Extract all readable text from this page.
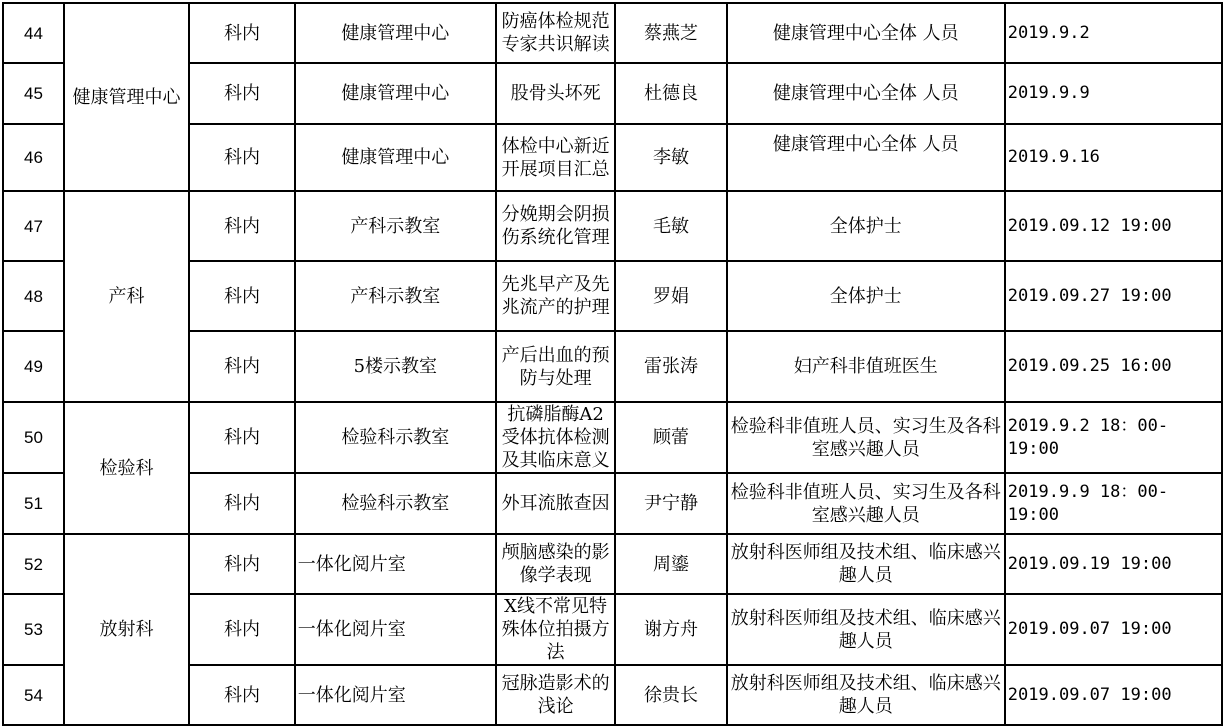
44	健康管理中心	科内	健康管理中心	防癌体检规范专家共识解读	蔡燕芝	健康管理中心全体 人员	2019.9.2
45		科内	健康管理中心	股骨头坏死	杜德良	健康管理中心全体 人员	2019.9.9
46		科内	健康管理中心	体检中心新近开展项目汇总	李敏	健康管理中心全体 人员	2019.9.16
47	产科	科内	产科示教室	分娩期会阴损伤系统化管理	毛敏	全体护士	2019.09.12 19:00
48		科内	产科示教室	先兆早产及先兆流产的护理	罗娟	全体护士	2019.09.27 19:00
49		科内	5楼示教室	产后出血的预防与处理	雷张涛	妇产科非值班医生	2019.09.25 16:00
50	检验科	科内	检验科示教室	抗磷脂酶A2受体抗体检测及其临床意义	顾蕾	检验科非值班人员、实习生及各科室感兴趣人员	2019.9.2 18：00-19:00
51		科内	检验科示教室	外耳流脓查因	尹宁静	检验科非值班人员、实习生及各科室感兴趣人员	2019.9.9 18：00-19:00
52	放射科	科内	一体化阅片室	颅脑感染的影像学表现	周鎏	放射科医师组及技术组、临床感兴趣人员	2019.09.19 19:00
53		科内	一体化阅片室	X线不常见特殊体位拍摄方法	谢方舟	放射科医师组及技术组、临床感兴趣人员	2019.09.07 19:00
54		科内	一体化阅片室	冠脉造影术的浅论	徐贵长	放射科医师组及技术组、临床感兴趣人员	2019.09.07 19:00
